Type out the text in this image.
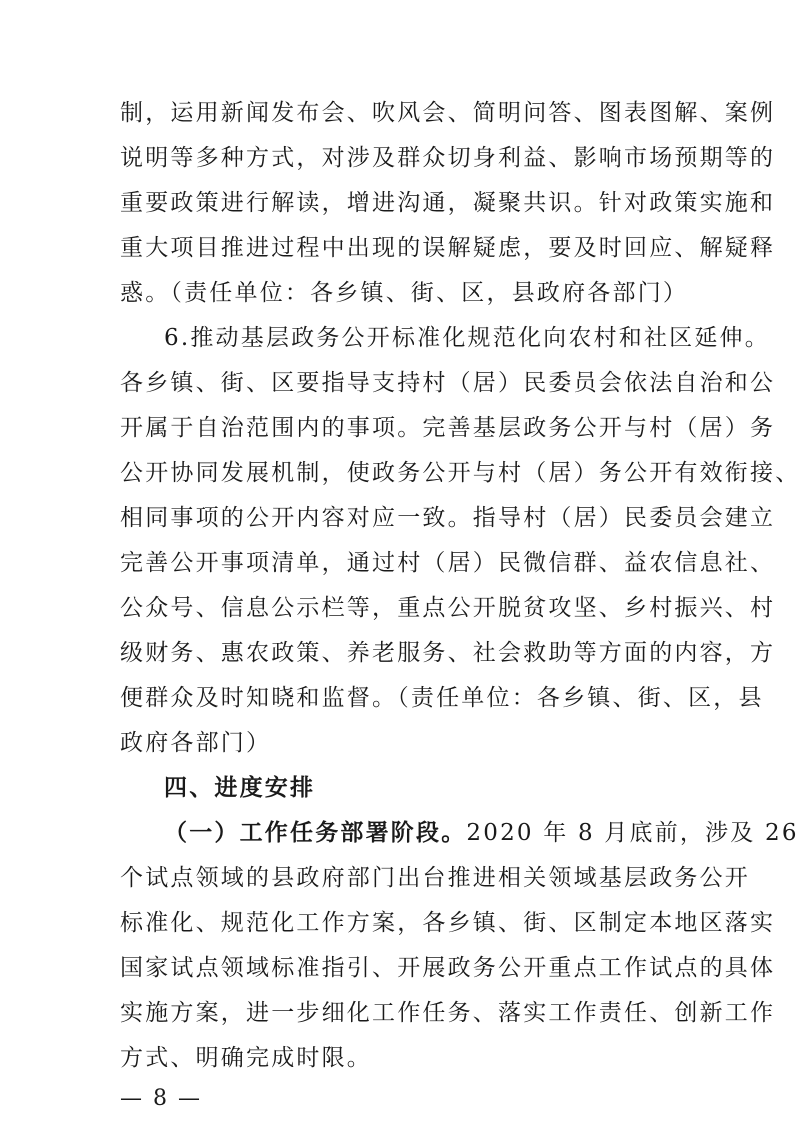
制，运用新闻发布会、吹风会、简明问答、图表图解、案例
说明等多种方式，对涉及群众切身利益、影响市场预期等的
重要政策进行解读，增进沟通，凝聚共识。针对政策实施和
重大项目推进过程中出现的误解疑虑，要及时回应、解疑释
惑。（责任单位：各乡镇、街、区，县政府各部门）
6.推动基层政务公开标准化规范化向农村和社区延伸。
各乡镇、街、区要指导支持村（居）民委员会依法自治和公
开属于自治范围内的事项。完善基层政务公开与村（居）务
公开协同发展机制，使政务公开与村（居）务公开有效衔接、
相同事项的公开内容对应一致。指导村（居）民委员会建立
完善公开事项清单，通过村（居）民微信群、益农信息社、
公众号、信息公示栏等，重点公开脱贫攻坚、乡村振兴、村
级财务、惠农政策、养老服务、社会救助等方面的内容，方
便群众及时知晓和监督。（责任单位：各乡镇、街、区，县
政府各部门）
四、进度安排
（一）工作任务部署阶段。2020 年 8 月底前，涉及 26
个试点领域的县政府部门出台推进相关领域基层政务公开
标准化、规范化工作方案，各乡镇、街、区制定本地区落实
国家试点领域标准指引、开展政务公开重点工作试点的具体
实施方案，进一步细化工作任务、落实工作责任、创新工作
方式、明确完成时限。
— 8 —
